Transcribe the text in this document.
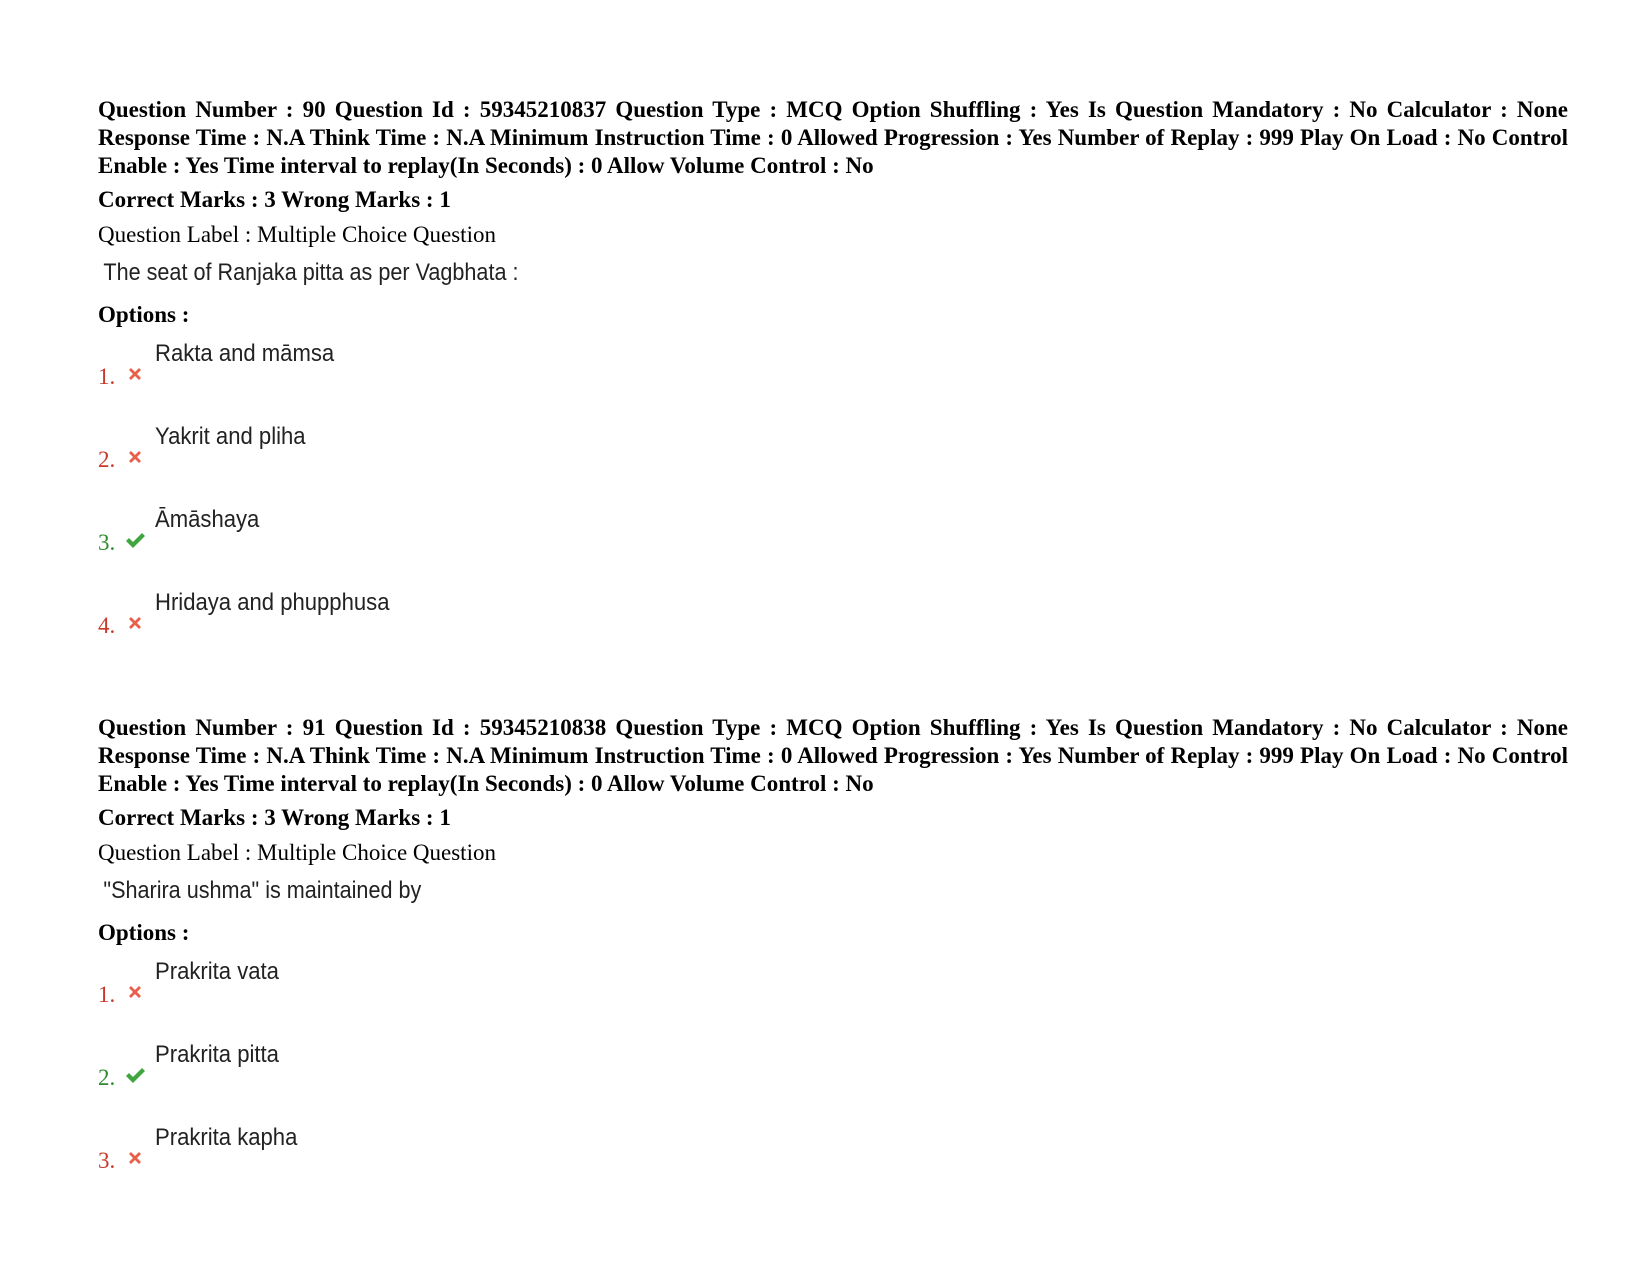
Question Number : 90 Question Id : 59345210837 Question Type : MCQ Option Shuffling : Yes Is Question Mandatory : No Calculator : None Response Time : N.A Think Time : N.A Minimum Instruction Time : 0 Allowed Progression : Yes Number of Replay : 999 Play On Load : No Control Enable : Yes Time interval to replay(In Seconds) : 0 Allow Volume Control : No

Correct Marks : 3 Wrong Marks : 1
Question Label : Multiple Choice Question
The seat of Ranjaka pitta as per Vagbhata :
Options :
1.
Rakta and māmsa
2.
Yakrit and pliha
3.
Āmāshaya
4.
Hridaya and phupphusa

Question Number : 91 Question Id : 59345210838 Question Type : MCQ Option Shuffling : Yes Is Question Mandatory : No Calculator : None Response Time : N.A Think Time : N.A Minimum Instruction Time : 0 Allowed Progression : Yes Number of Replay : 999 Play On Load : No Control Enable : Yes Time interval to replay(In Seconds) : 0 Allow Volume Control : No

Correct Marks : 3 Wrong Marks : 1
Question Label : Multiple Choice Question
"Sharira ushma" is maintained by
Options :
1.
Prakrita vata
2.
Prakrita pitta
3.
Prakrita kapha
